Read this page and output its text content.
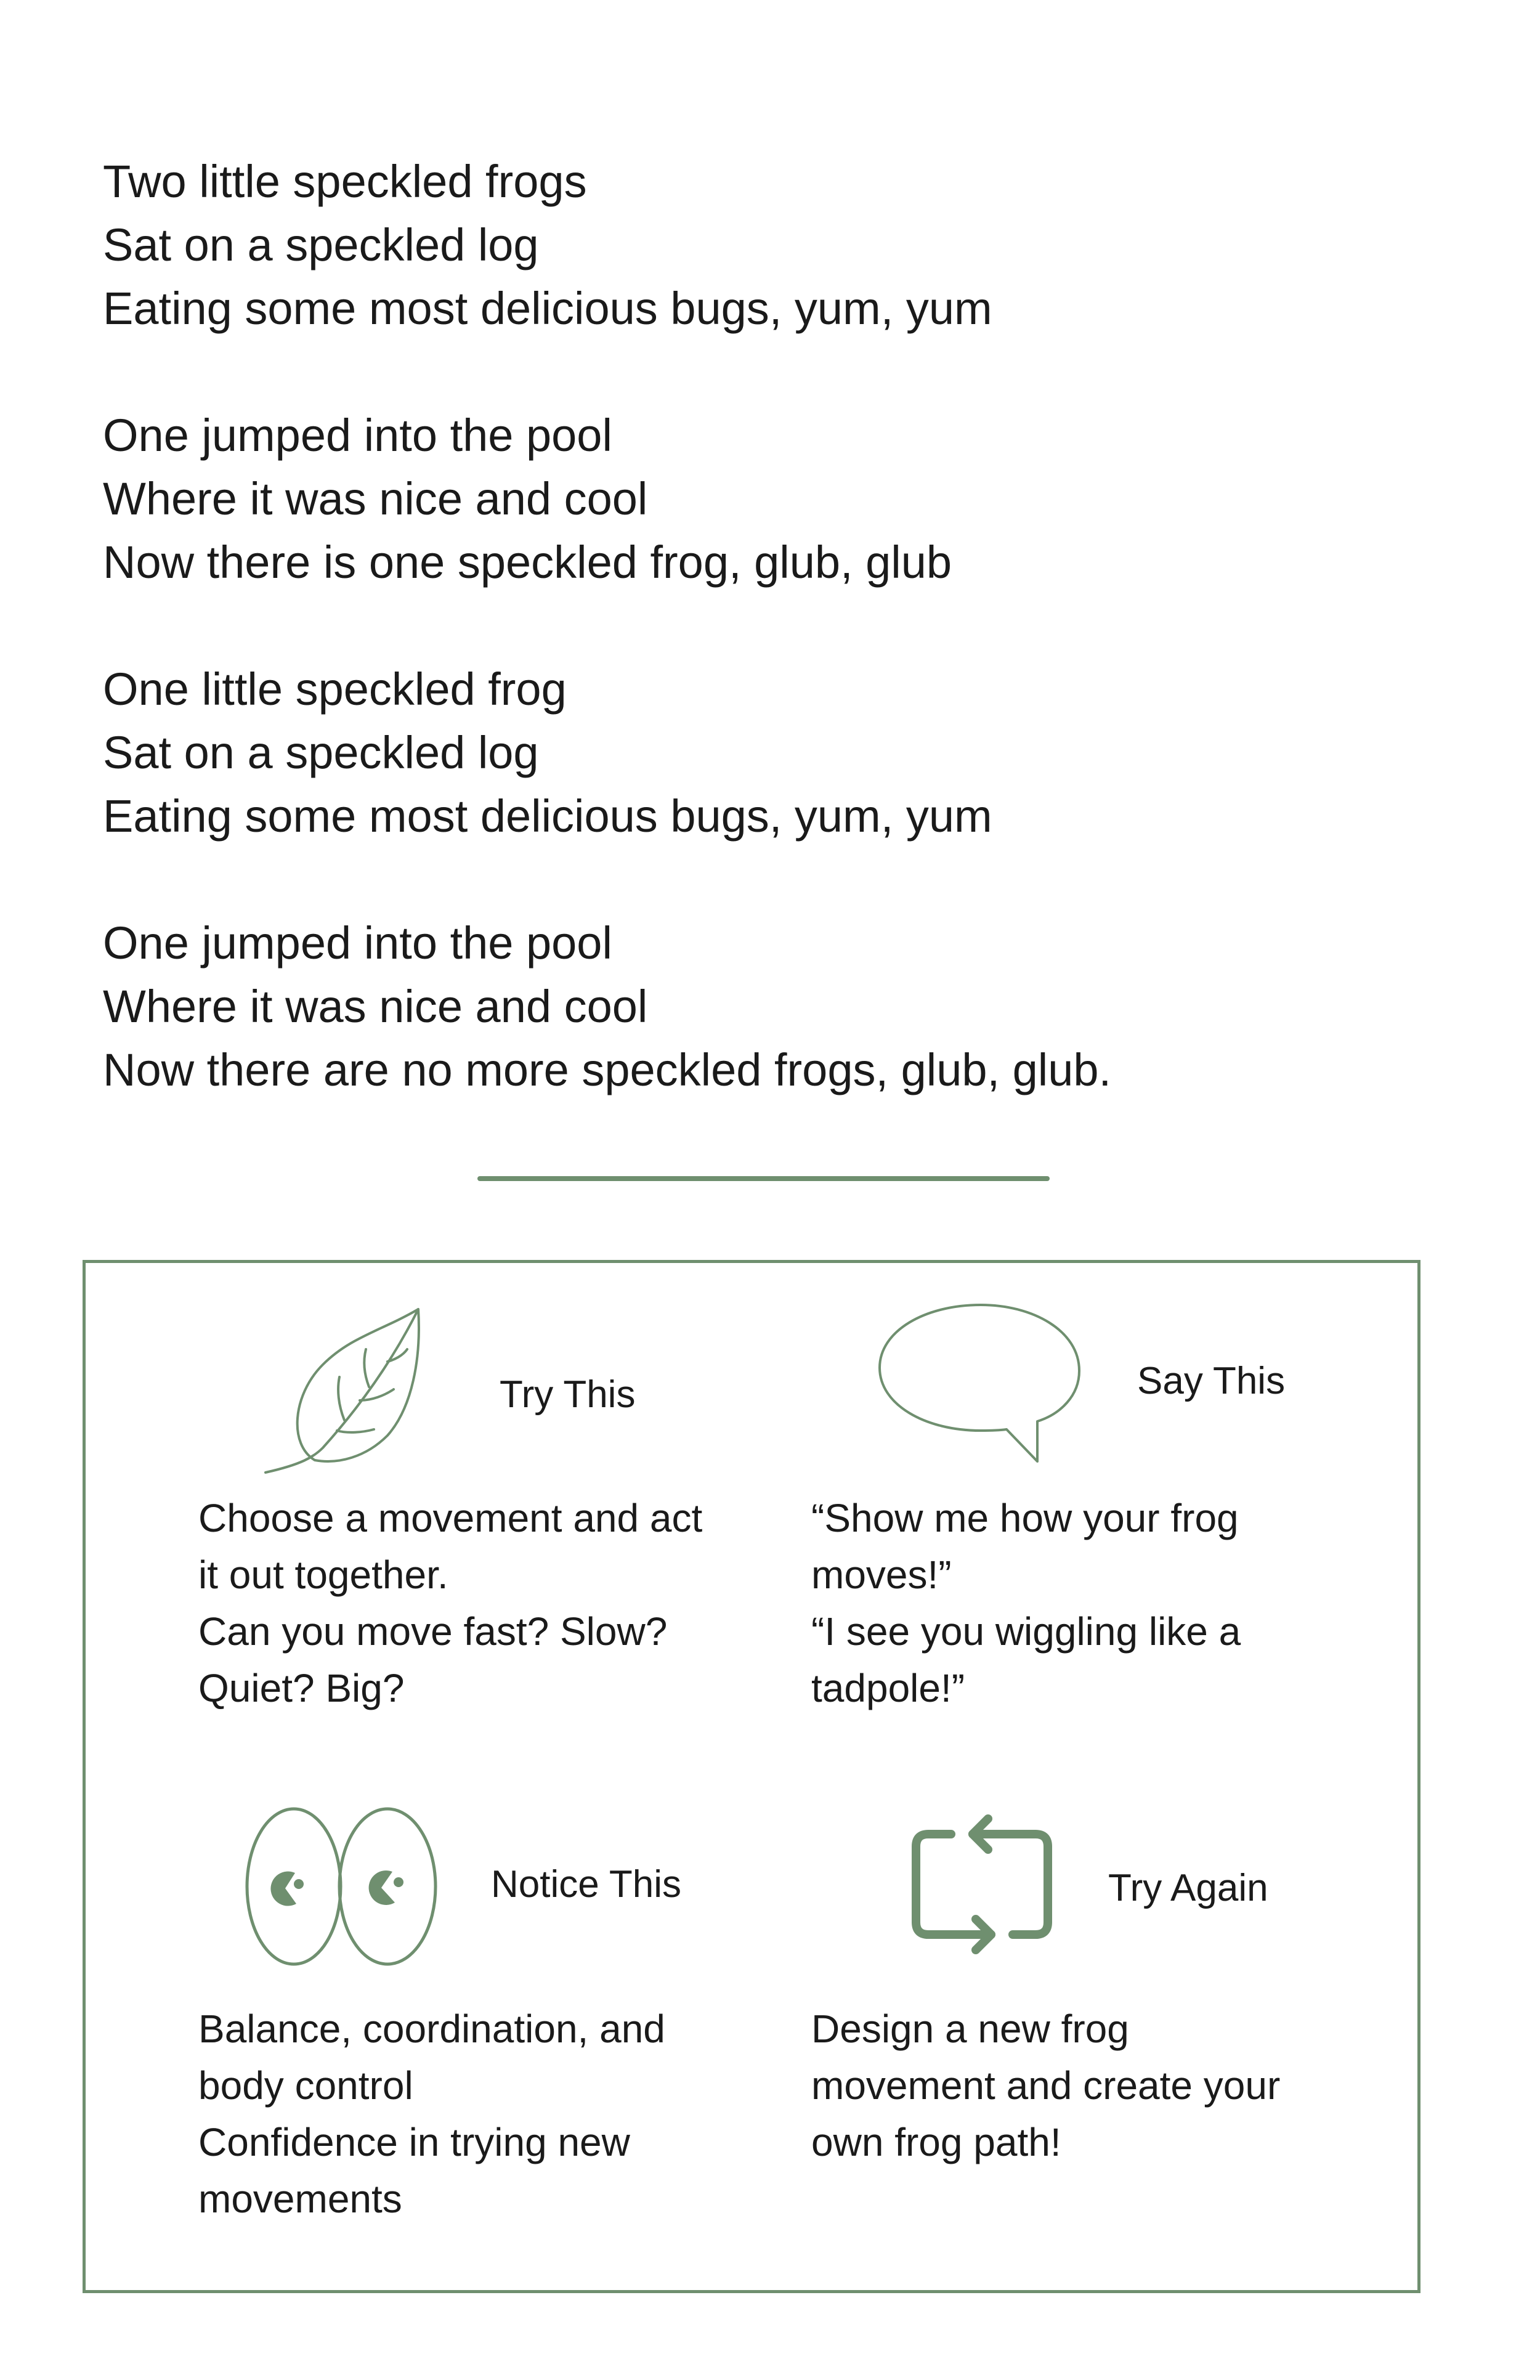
Two little speckled frogs
Sat on a speckled log
Eating some most delicious bugs, yum, yum
One jumped into the pool
Where it was nice and cool
Now there is one speckled frog, glub, glub
One little speckled frog
Sat on a speckled log
Eating some most delicious bugs, yum, yum
One jumped into the pool
Where it was nice and cool
Now there are no more speckled frogs, glub, glub.
Try This
Choose a movement and act
it out together.
Can you move fast? Slow?
Quiet? Big?
Say This
“Show me how your frog
moves!”
“I see you wiggling like a
tadpole!”
Notice This
Balance, coordination, and
body control
Confidence in trying new
movements
Try Again
Design a new frog
movement and create your
own frog path!
